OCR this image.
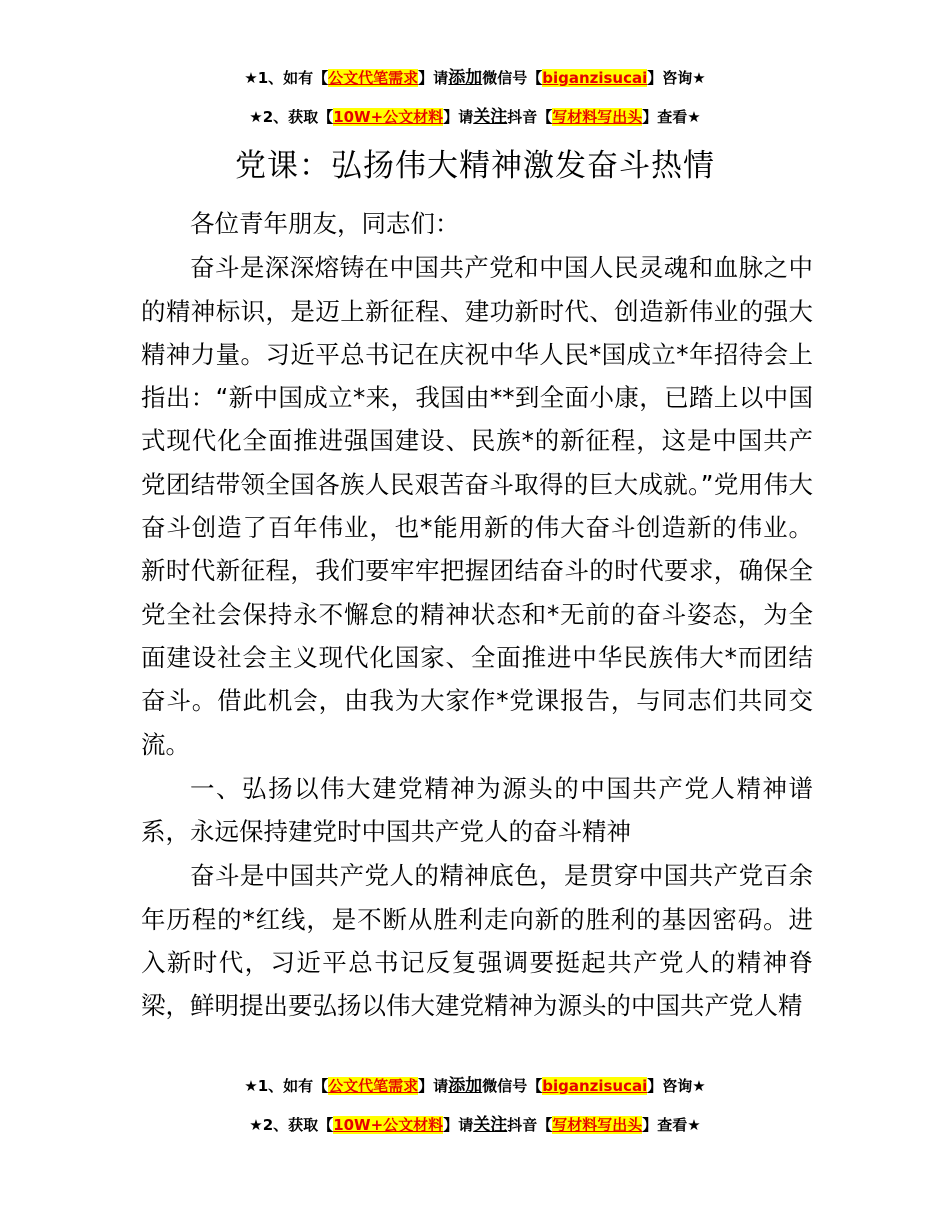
★1、如有【公文代笔需求】请添加微信号【biganzisucai】咨询★
★2、获取【10W+公文材料】请关注抖音【写材料写出头】查看★
党课：弘扬伟大精神激发奋斗热情

各位青年朋友，同志们：

奋斗是深深熔铸在中国共产党和中国人民灵魂和血脉之中的精神标识，是迈上新征程、建功新时代、创造新伟业的强大精神力量。习近平总书记在庆祝中华人民*国成立*年招待会上指出：“新中国成立*来，我国由**到全面小康，已踏上以中国式现代化全面推进强国建设、民族*的新征程，这是中国共产党团结带领全国各族人民艰苦奋斗取得的巨大成就。”党用伟大奋斗创造了百年伟业，也*能用新的伟大奋斗创造新的伟业。新时代新征程，我们要牢牢把握团结奋斗的时代要求，确保全党全社会保持永不懈怠的精神状态和*无前的奋斗姿态，为全面建设社会主义现代化国家、全面推进中华民族伟大*而团结奋斗。借此机会，由我为大家作*党课报告，与同志们共同交流。

一、弘扬以伟大建党精神为源头的中国共产党人精神谱系，永远保持建党时中国共产党人的奋斗精神

奋斗是中国共产党人的精神底色，是贯穿中国共产党百余年历程的*红线，是不断从胜利走向新的胜利的基因密码。进入新时代，习近平总书记反复强调要挺起共产党人的精神脊梁，鲜明提出要弘扬以伟大建党精神为源头的中国共产党人精

★1、如有【公文代笔需求】请添加微信号【biganzisucai】咨询★
★2、获取【10W+公文材料】请关注抖音【写材料写出头】查看★
